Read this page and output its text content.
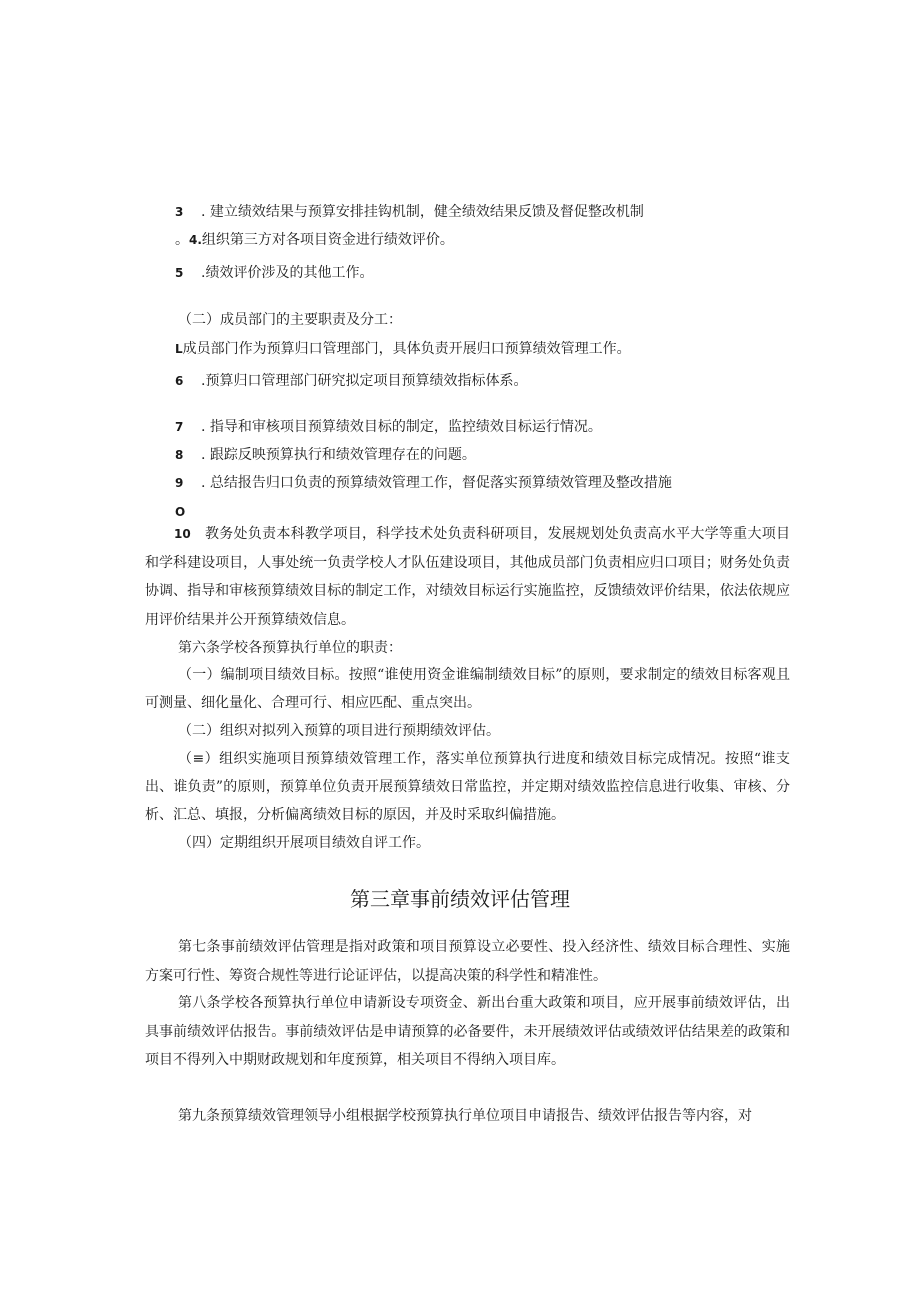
3 . 建立绩效结果与预算安排挂钩机制，健全绩效结果反馈及督促整改机制
。4.组织第三方对各项目资金进行绩效评价。
5 .绩效评价涉及的其他工作。
（二）成员部门的主要职责及分工：
L成员部门作为预算归口管理部门，具体负责开展归口预算绩效管理工作。
6 .预算归口管理部门研究拟定项目预算绩效指标体系。
7 . 指导和审核项目预算绩效目标的制定，监控绩效目标运行情况。
8 . 跟踪反映预算执行和绩效管理存在的问题。
9 . 总结报告归口负责的预算绩效管理工作，督促落实预算绩效管理及整改措施
O
10 教务处负责本科教学项目，科学技术处负责科研项目，发展规划处负责高水平大学等重大项目和学科建设项目，人事处统一负责学校人才队伍建设项目，其他成员部门负责相应归口项目；财务处负责协调、指导和审核预算绩效目标的制定工作，对绩效目标运行实施监控，反馈绩效评价结果，依法依规应用评价结果并公开预算绩效信息。
第六条学校各预算执行单位的职责：
（一）编制项目绩效目标。按照“谁使用资金谁编制绩效目标”的原则，要求制定的绩效目标客观且可测量、细化量化、合理可行、相应匹配、重点突出。
（二）组织对拟列入预算的项目进行预期绩效评估。
（≡）组织实施项目预算绩效管理工作，落实单位预算执行进度和绩效目标完成情况。按照“谁支出、谁负责”的原则，预算单位负责开展预算绩效日常监控，并定期对绩效监控信息进行收集、审核、分析、汇总、填报，分析偏离绩效目标的原因，并及时采取纠偏措施。
（四）定期组织开展项目绩效自评工作。
第三章事前绩效评估管理
第七条事前绩效评估管理是指对政策和项目预算设立必要性、投入经济性、绩效目标合理性、实施方案可行性、筹资合规性等进行论证评估，以提高决策的科学性和精准性。
第八条学校各预算执行单位申请新设专项资金、新出台重大政策和项目，应开展事前绩效评估，出具事前绩效评估报告。事前绩效评估是申请预算的必备要件，未开展绩效评估或绩效评估结果差的政策和项目不得列入中期财政规划和年度预算，相关项目不得纳入项目库。
第九条预算绩效管理领导小组根据学校预算执行单位项目申请报告、绩效评估报告等内容，对
